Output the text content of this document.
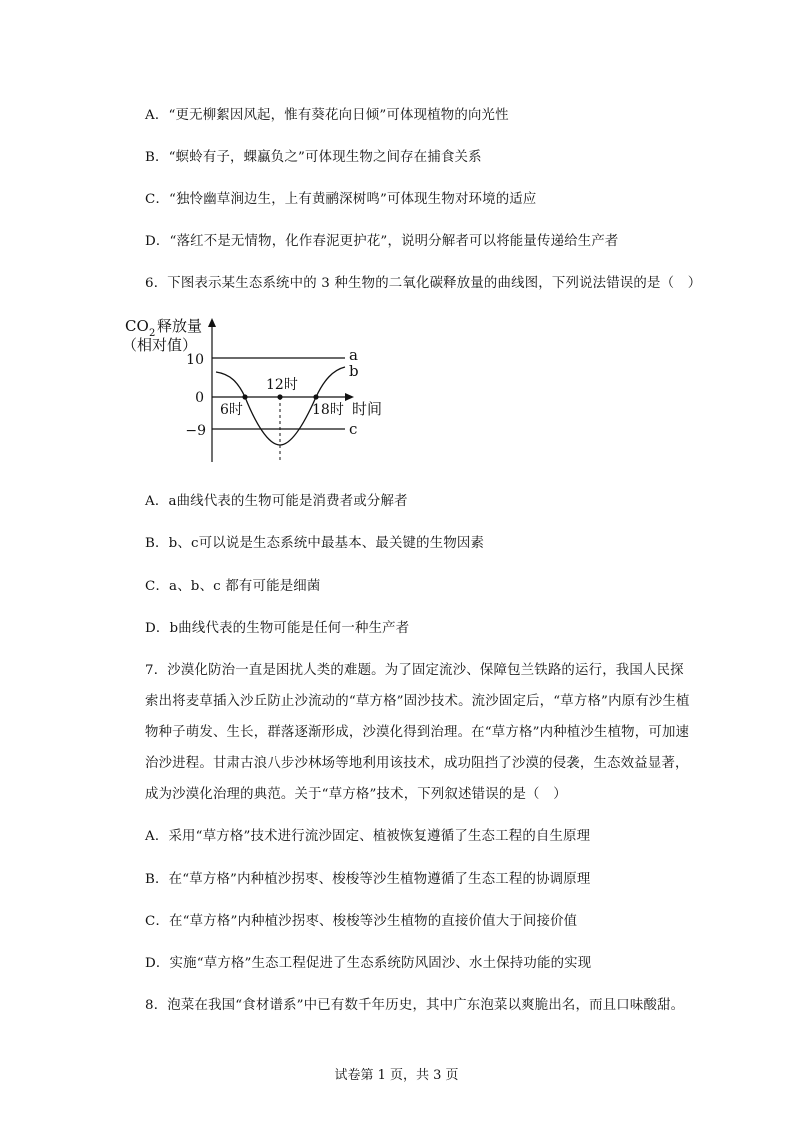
A．“更无柳絮因风起，惟有葵花向日倾”可体现植物的向光性
B．“螟蛉有子，蜾蠃负之”可体现生物之间存在捕食关系
C．“独怜幽草涧边生，上有黄鹂深树鸣”可体现生物对环境的适应
D．“落红不是无情物，化作春泥更护花”，说明分解者可以将能量传递给生产者
6．下图表示某生态系统中的 3 种生物的二氧化碳释放量的曲线图，下列说法错误的是（　）
CO 2 释放量
（相对值）
10
0
−9
a
c
b
6时
12时
18时 时间
A．a曲线代表的生物可能是消费者或分解者
B．b、c可以说是生态系统中最基本、最关键的生物因素
C．a、b、c 都有可能是细菌
D．b曲线代表的生物可能是任何一种生产者
7．沙漠化防治一直是困扰人类的难题。为了固定流沙、保障包兰铁路的运行，我国人民探
索出将麦草插入沙丘防止沙流动的“草方格”固沙技术。流沙固定后，“草方格”内原有沙生植
物种子萌发、生长，群落逐渐形成，沙漠化得到治理。在“草方格”内种植沙生植物，可加速
治沙进程。甘肃古浪八步沙林场等地利用该技术，成功阻挡了沙漠的侵袭，生态效益显著，
成为沙漠化治理的典范。关于“草方格”技术，下列叙述错误的是（　）
A．采用“草方格”技术进行流沙固定、植被恢复遵循了生态工程的自生原理
B．在“草方格”内种植沙拐枣、梭梭等沙生植物遵循了生态工程的协调原理
C．在“草方格”内种植沙拐枣、梭梭等沙生植物的直接价值大于间接价值
D．实施“草方格”生态工程促进了生态系统防风固沙、水土保持功能的实现
8．泡菜在我国“食材谱系”中已有数千年历史，其中广东泡菜以爽脆出名，而且口味酸甜。
试卷第 1 页，共 3 页
